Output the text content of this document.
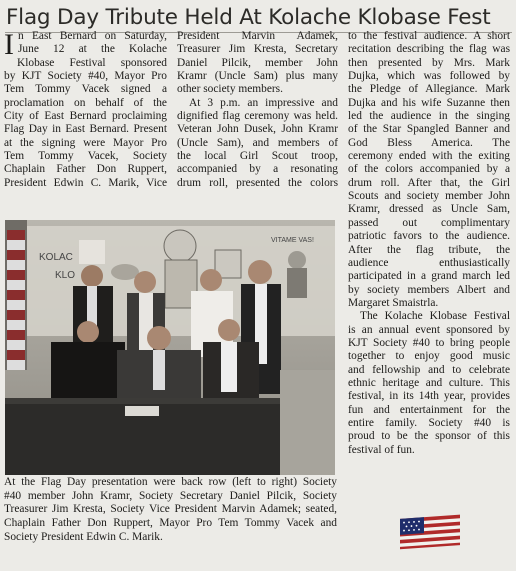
Flag Day Tribute Held At Kolache Klobase Fest
I n East Bernard on Saturday,
June 12 at the Kolache
Klobase Festival sponsored
by KJT Society #40, Mayor Pro
Tem Tommy Vacek signed a
proclamation on behalf of the
City of East Bernard proclaiming
Flag Day in East Bernard. Present
at the signing were Mayor Pro
Tem Tommy Vacek, Society
Chaplain Father Don Ruppert,
President Edwin C. Marik, Vice
President Marvin Adamek,
Treasurer Jim Kresta, Secretary
Daniel Pilcik, member John
Kramr (Uncle Sam) plus many
other society members.
At 3 p.m. an impressive and
dignified flag ceremony was held.
Veteran John Dusek, John Kramr
(Uncle Sam), and members of
the local Girl Scout troop,
accompanied by a resonating
drum roll, presented the colors
to the festival audience. A short
recitation describing the flag was
then presented by Mrs. Mark
Dujka, which was followed by
the Pledge of Allegiance. Mark
Dujka and his wife Suzanne then
led the audience in the singing
of the Star Spangled Banner and
God Bless America. The
ceremony ended with the exiting
of the colors accompanied by a
drum roll. After that, the Girl
Scouts and society member John
Kramr, dressed as Uncle Sam,
passed out complimentary
patriotic favors to the audience.
After the flag tribute, the
audience enthusiastically
participated in a grand march led
by society members Albert and
Margaret Smaistrla.
The Kolache Klobase Festival
is an annual event sponsored by
KJT Society #40 to bring people
together to enjoy good music
and fellowship and to celebrate
ethnic heritage and culture. This
festival, in its 14th year, provides
fun and entertainment for the
entire family. Society #40 is
proud to be the sponsor of this
festival of fun.
KOLAC
KLO
VITAME VAS!
At the Flag Day presentation were back row (left to right) Society
#40 member John Kramr, Society Secretary Daniel Pilcik, Society
Treasurer Jim Kresta, Society Vice President Marvin Adamek; seated,
Chaplain Father Don Ruppert, Mayor Pro Tem Tommy Vacek and
Society President Edwin C. Marik.
